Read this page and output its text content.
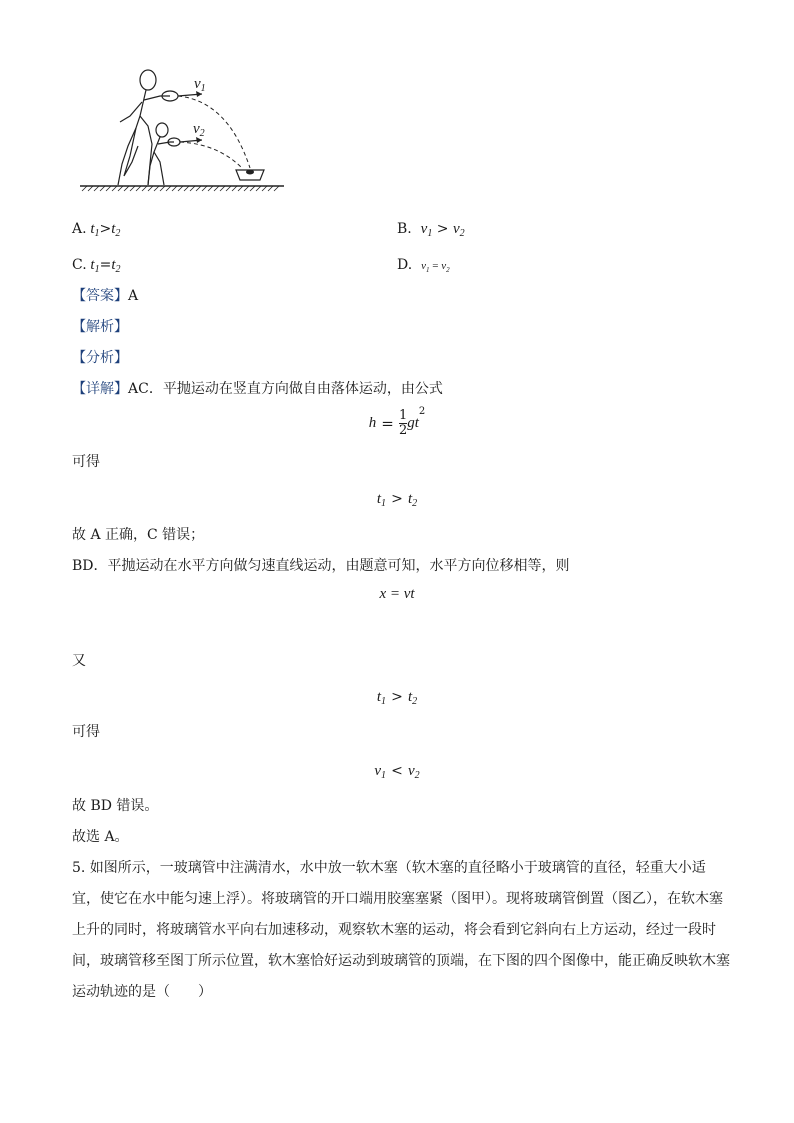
$v_1$
$v_2$
A. $t_1>t_2$	B. $v_1 > v_2$
C. $t_1=t_2$	D. $v_1 = v_2$
【答案】A
【解析】
【分析】
【详解】AC．平抛运动在竖直方向做自由落体运动，由公式
$h = \frac{1}{2} gt^2$
可得
$t_1 > t_2$
故 A 正确，C 错误；
BD．平抛运动在水平方向做匀速直线运动，由题意可知，水平方向位移相等，则
x = vt
又
$t_1 > t_2$
可得
$v_1 < v_2$
故 BD 错误。
故选 A。
5. 如图所示，一玻璃管中注满清水，水中放一软木塞（软木塞的直径略小于玻璃管的直径，轻重大小适宜，使它在水中能匀速上浮）。将玻璃管的开口端用胶塞塞紧（图甲）。现将玻璃管倒置（图乙），在软木塞上升的同时，将玻璃管水平向右加速移动，观察软木塞的运动，将会看到它斜向右上方运动，经过一段时间，玻璃管移至图丁所示位置，软木塞恰好运动到玻璃管的顶端，在下图的四个图像中，能正确反映软木塞运动轨迹的是（　　）
